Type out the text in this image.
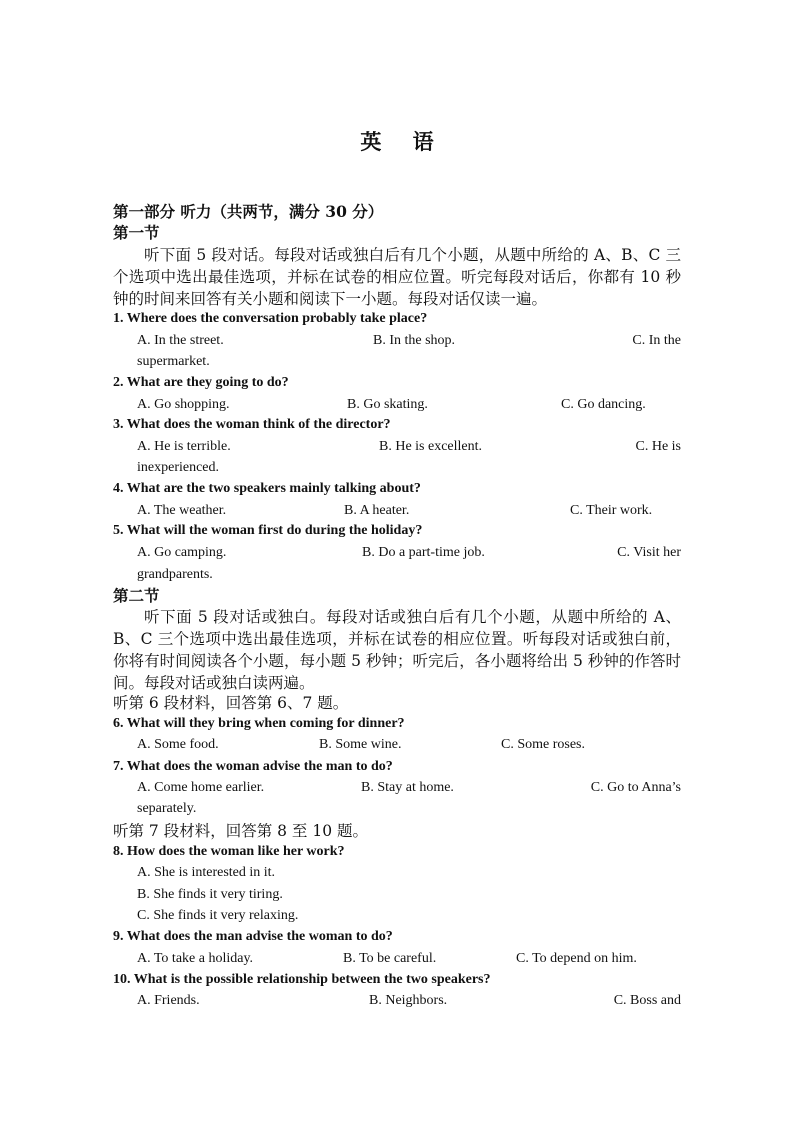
英 语
第一部分 听力（共两节，满分 30 分）
第一节
听下面 5 段对话。每段对话或独白后有几个小题，从题中所给的 A、B、C 三个选项中选出最佳选项，并标在试卷的相应位置。听完每段对话后，你都有 10 秒钟的时间来回答有关小题和阅读下一小题。每段对话仅读一遍。
1. Where does the conversation probably take place?
A. In the street.	B. In the shop.	C. In the
supermarket.
2. What are they going to do?
A. Go shopping.	B. Go skating.	C. Go dancing.
3. What does the woman think of the director?
A. He is terrible.	B. He is excellent.	C. He is
inexperienced.
4. What are the two speakers mainly talking about?
A. The weather.	B. A heater.	C. Their work.
5. What will the woman first do during the holiday?
A. Go camping.	B. Do a part-time job.	C. Visit her
grandparents.
第二节
听下面 5 段对话或独白。每段对话或独白后有几个小题，从题中所给的 A、B、C 三个选项中选出最佳选项，并标在试卷的相应位置。听每段对话或独白前，你将有时间阅读各个小题，每小题 5 秒钟；听完后，各小题将给出 5 秒钟的作答时间。每段对话或独白读两遍。
听第 6 段材料，回答第 6、7 题。
6. What will they bring when coming for dinner?
A. Some food.	B. Some wine.	C. Some roses.
7. What does the woman advise the man to do?
A. Come home earlier.	B. Stay at home.	C. Go to Anna’s
separately.
听第 7 段材料，回答第 8 至 10 题。
8. How does the woman like her work?
A. She is interested in it.
B. She finds it very tiring.
C. She finds it very relaxing.
9. What does the man advise the woman to do?
A. To take a holiday.	B. To be careful.	C. To depend on him.
10. What is the possible relationship between the two speakers?
A. Friends.	B. Neighbors.	C. Boss and
